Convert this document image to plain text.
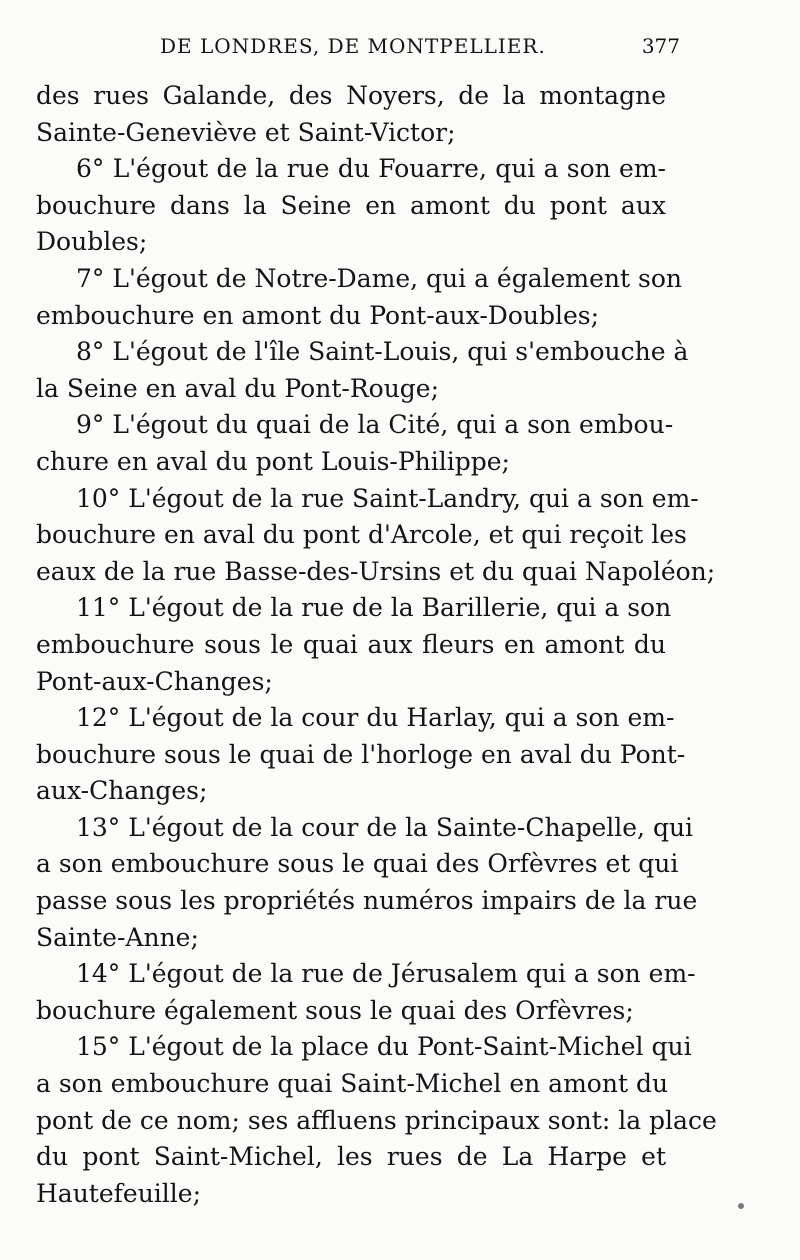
DE LONDRES, DE MONTPELLIER.	377
des rues Galande, des Noyers, de la montagne
Sainte-Geneviève et Saint-Victor;
6° L'égout de la rue du Fouarre, qui a son em-
bouchure dans la Seine en amont du pont aux
Doubles;
7° L'égout de Notre-Dame, qui a également son
embouchure en amont du Pont-aux-Doubles;
8° L'égout de l'île Saint-Louis, qui s'embouche à
la Seine en aval du Pont-Rouge;
9° L'égout du quai de la Cité, qui a son embou-
chure en aval du pont Louis-Philippe;
10° L'égout de la rue Saint-Landry, qui a son em-
bouchure en aval du pont d'Arcole, et qui reçoit les
eaux de la rue Basse-des-Ursins et du quai Napoléon;
11° L'égout de la rue de la Barillerie, qui a son
embouchure sous le quai aux fleurs en amont du
Pont-aux-Changes;
12° L'égout de la cour du Harlay, qui a son em-
bouchure sous le quai de l'horloge en aval du Pont-
aux-Changes;
13° L'égout de la cour de la Sainte-Chapelle, qui
a son embouchure sous le quai des Orfèvres et qui
passe sous les propriétés numéros impairs de la rue
Sainte-Anne;
14° L'égout de la rue de Jérusalem qui a son em-
bouchure également sous le quai des Orfèvres;
15° L'égout de la place du Pont-Saint-Michel qui
a son embouchure quai Saint-Michel en amont du
pont de ce nom; ses affluens principaux sont: la place
du pont Saint-Michel, les rues de La Harpe et
Hautefeuille;
